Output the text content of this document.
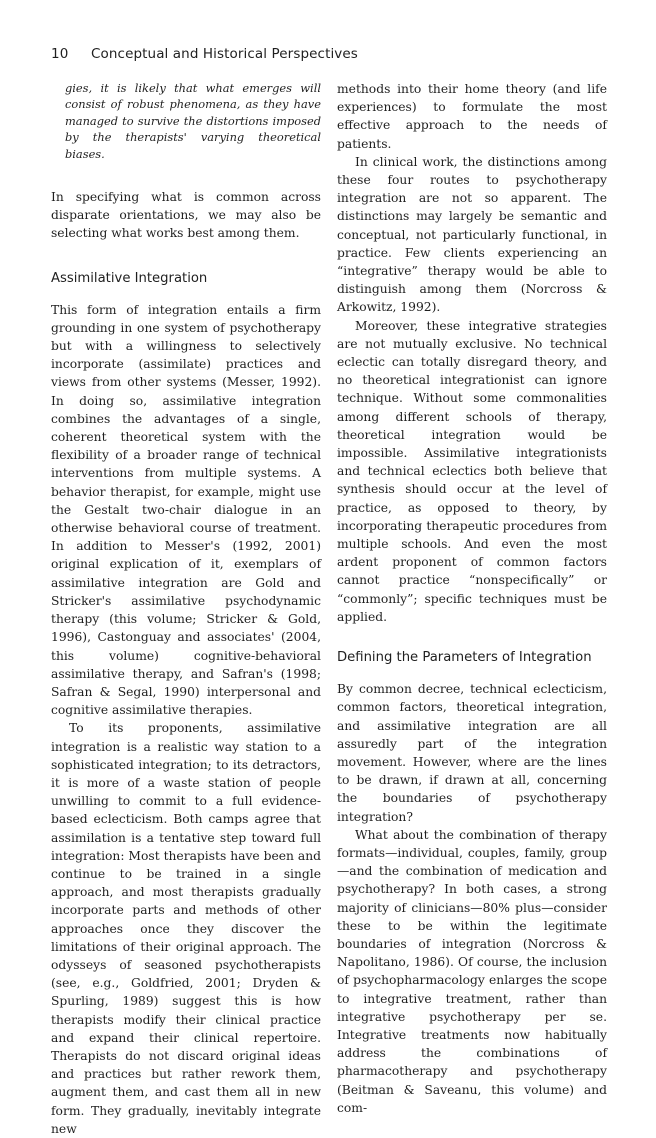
10 Conceptual and Historical Perspectives

gies, it is likely that what emerges will consist of robust phenomena, as they have managed to survive the distortions imposed by the therapists' varying theoretical biases.

In specifying what is common across disparate orientations, we may also be selecting what works best among them.

Assimilative Integration

This form of integration entails a firm grounding in one system of psychotherapy but with a willingness to selectively incorporate (assimilate) practices and views from other systems (Messer, 1992). In doing so, assimilative integration combines the advantages of a single, coherent theoretical system with the flexibility of a broader range of technical interventions from multiple systems. A behavior therapist, for example, might use the Gestalt two-chair dialogue in an otherwise behavioral course of treatment. In addition to Messer's (1992, 2001) original explication of it, exemplars of assimilative integration are Gold and Stricker's assimilative psychodynamic therapy (this volume; Stricker & Gold, 1996), Castonguay and associates' (2004, this volume) cognitive-behavioral assimilative therapy, and Safran's (1998; Safran & Segal, 1990) interpersonal and cognitive assimilative therapies.

To its proponents, assimilative integration is a realistic way station to a sophisticated integration; to its detractors, it is more of a waste station of people unwilling to commit to a full evidence-based eclecticism. Both camps agree that assimilation is a tentative step toward full integration: Most therapists have been and continue to be trained in a single approach, and most therapists gradually incorporate parts and methods of other approaches once they discover the limitations of their original approach. The odysseys of seasoned psychotherapists (see, e.g., Goldfried, 2001; Dryden & Spurling, 1989) suggest this is how therapists modify their clinical practice and expand their clinical repertoire. Therapists do not discard original ideas and practices but rather rework them, augment them, and cast them all in new form. They gradually, inevitably integrate new

methods into their home theory (and life experiences) to formulate the most effective approach to the needs of patients.

In clinical work, the distinctions among these four routes to psychotherapy integration are not so apparent. The distinctions may largely be semantic and conceptual, not particularly functional, in practice. Few clients experiencing an “integrative” therapy would be able to distinguish among them (Norcross & Arkowitz, 1992).

Moreover, these integrative strategies are not mutually exclusive. No technical eclectic can totally disregard theory, and no theoretical integrationist can ignore technique. Without some commonalities among different schools of therapy, theoretical integration would be impossible. Assimilative integrationists and technical eclectics both believe that synthesis should occur at the level of practice, as opposed to theory, by incorporating therapeutic procedures from multiple schools. And even the most ardent proponent of common factors cannot practice “nonspecifically” or “commonly”; specific techniques must be applied.

Defining the Parameters of Integration

By common decree, technical eclecticism, common factors, theoretical integration, and assimilative integration are all assuredly part of the integration movement. However, where are the lines to be drawn, if drawn at all, concerning the boundaries of psychotherapy integration?

What about the combination of therapy formats—individual, couples, family, group—and the combination of medication and psychotherapy? In both cases, a strong majority of clinicians—80% plus—consider these to be within the legitimate boundaries of integration (Norcross & Napolitano, 1986). Of course, the inclusion of psychopharmacology enlarges the scope to integrative treatment, rather than integrative psychotherapy per se. Integrative treatments now habitually address the combinations of pharmacotherapy and psychotherapy (Beitman & Saveanu, this volume) and com-
